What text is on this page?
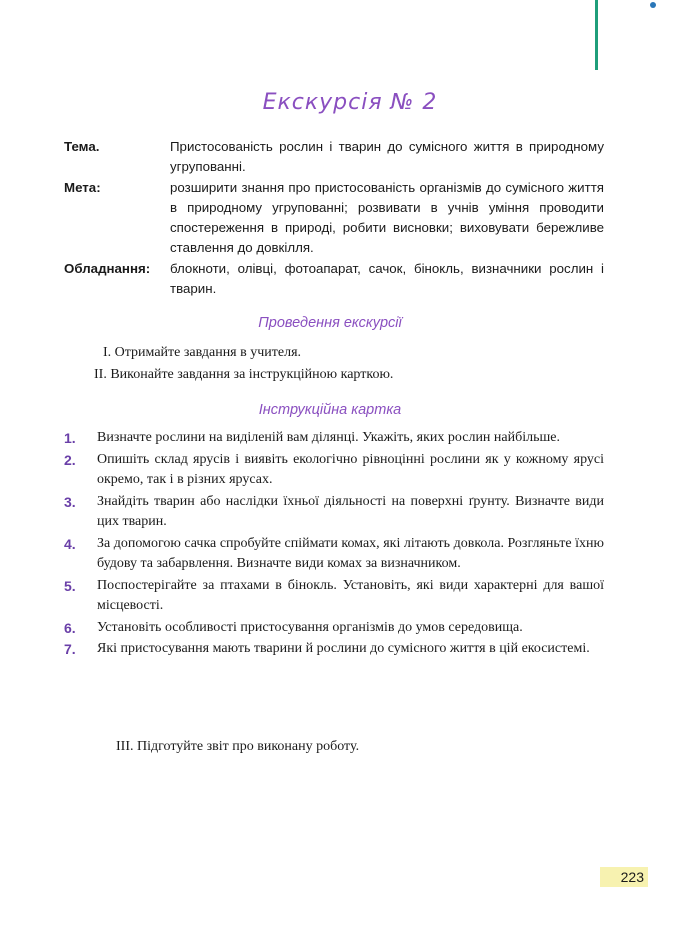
Екскурсія № 2
Тема.	Пристосованість рослин і тварин до сумісного життя в природному угрупованні.
Мета:	розширити знання про пристосованість організмів до сумісного життя в природному угрупованні; розвивати в учнів уміння проводити спостереження в природі, робити висновки; виховувати бережливе ставлення до довкілля.
Обладнання:	блокноти, олівці, фотоапарат, сачок, бінокль, визначники рослин і тварин.
Проведення екскурсії
І. Отримайте завдання в учителя.
ІІ. Виконайте завдання за інструкційною карткою.
Інструкційна картка
1.	Визначте рослини на виділеній вам ділянці. Укажіть, яких рослин найбільше.
2.	Опишіть склад ярусів і виявіть екологічно рівноцінні рослини як у кожному ярусі окремо, так і в різних ярусах.
3.	Знайдіть тварин або наслідки їхньої діяльності на поверхні ґрунту. Визначте види цих тварин.
4.	За допомогою сачка спробуйте спіймати комах, які літають довкола. Розгляньте їхню будову та забарвлення. Визначте види комах за визначником.
5.	Поспостерігайте за птахами в бінокль. Установіть, які види характерні для вашої місцевості.
6.	Установіть особливості пристосування організмів до умов середовища.
7.	Які пристосування мають тварини й рослини до сумісного життя в цій екосистемі.
ІІІ. Підготуйте звіт про виконану роботу.
223
